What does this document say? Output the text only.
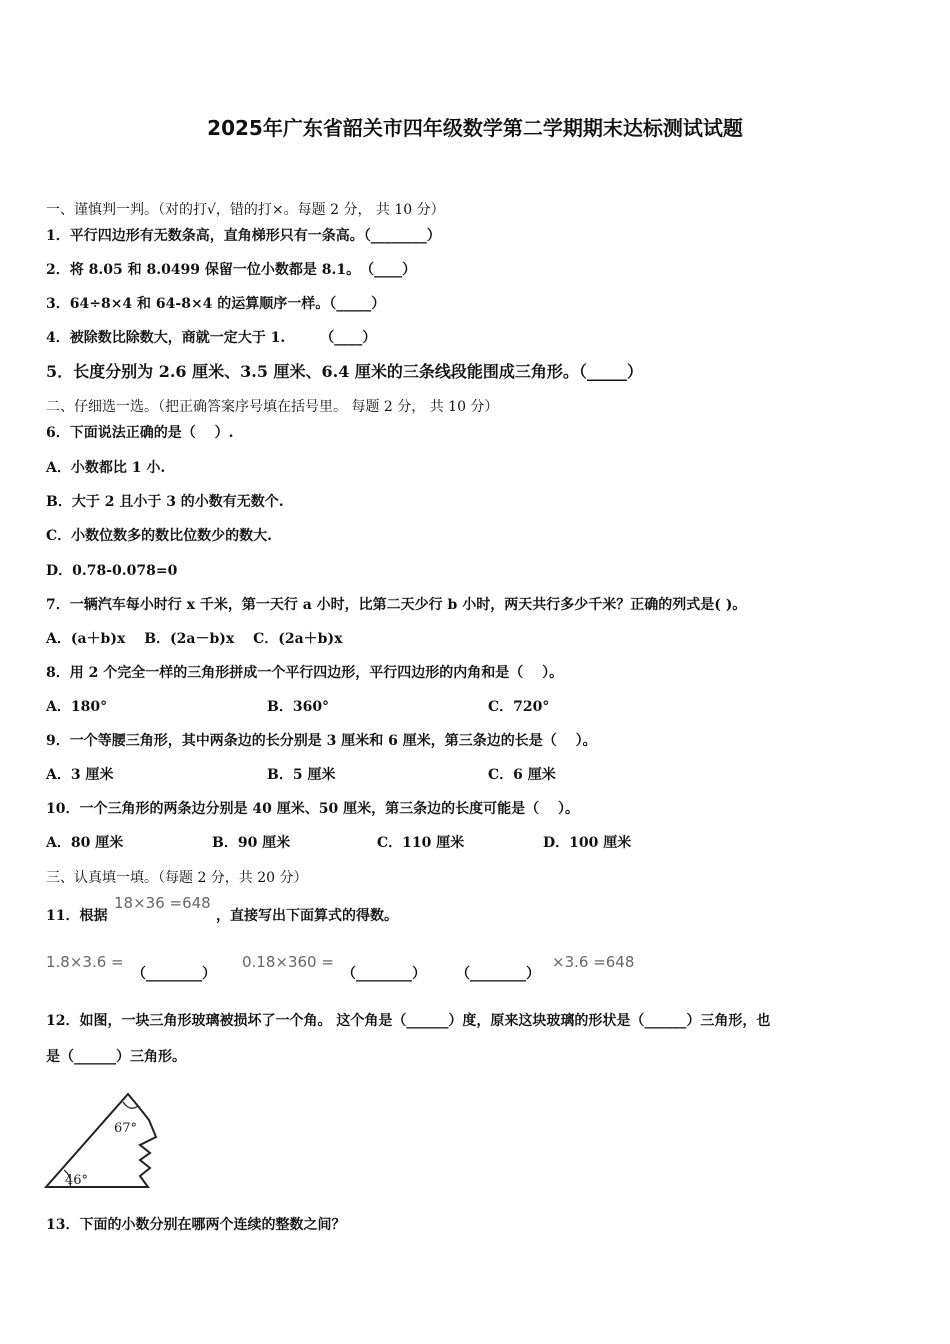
2025年广东省韶关市四年级数学第二学期期末达标测试试题
一、谨慎判一判。（对的打√，错的打×。每题 2 分， 共 10 分）
1．平行四边形有无数条高，直角梯形只有一条高。（________）
2．将 8.05 和 8.0499 保留一位小数都是 8.1。　（____）
3．64÷8×4 和 64-8×4 的运算顺序一样。（_____）
4．被除数比除数大，商就一定大于 1.　　　（____）
5．长度分别为 2.6 厘米、3.5 厘米、6.4 厘米的三条线段能围成三角形。（_____）
二、仔细选一选。（把正确答案序号填在括号里。 每题 2 分， 共 10 分）
6．下面说法正确的是（　 ）.
A．小数都比 1 小.
B．大于 2 且小于 3 的小数有无数个.
C．小数位数多的数比位数少的数大.
D．0.78-0.078=0
7．一辆汽车每小时行 x 千米，第一天行 a 小时，比第二天少行 b 小时，两天共行多少千米？正确的列式是( )。
A．(a＋b)x　 B．(2a－b)x　 C．(2a＋b)x
8．用 2 个完全一样的三角形拼成一个平行四边形，平行四边形的内角和是（　 ）。
A．180°	B．360°	C．720°
9．一个等腰三角形，其中两条边的长分别是 3 厘米和 6 厘米，第三条边的长是（　 ）。
A．3 厘米	B．5 厘米	C．6 厘米
10．一个三角形的两条边分别是 40 厘米、50 厘米，第三条边的长度可能是（　 ）。
A．80 厘米	B．90 厘米	C．110 厘米	D．100 厘米
三、认真填一填。（每题 2 分，共 20 分）
11．根据
18×36 =648
，直接写出下面算式的得数。
1.8×3.6 =
（________）
0.18×360 =
（________） （________）
×3.6 =648
12．如图，一块三角形玻璃被损坏了一个角。 这个角是（______）度，原来这块玻璃的形状是（______）三角形，也
是（______）三角形。
67°
46°
13．下面的小数分别在哪两个连续的整数之间？
